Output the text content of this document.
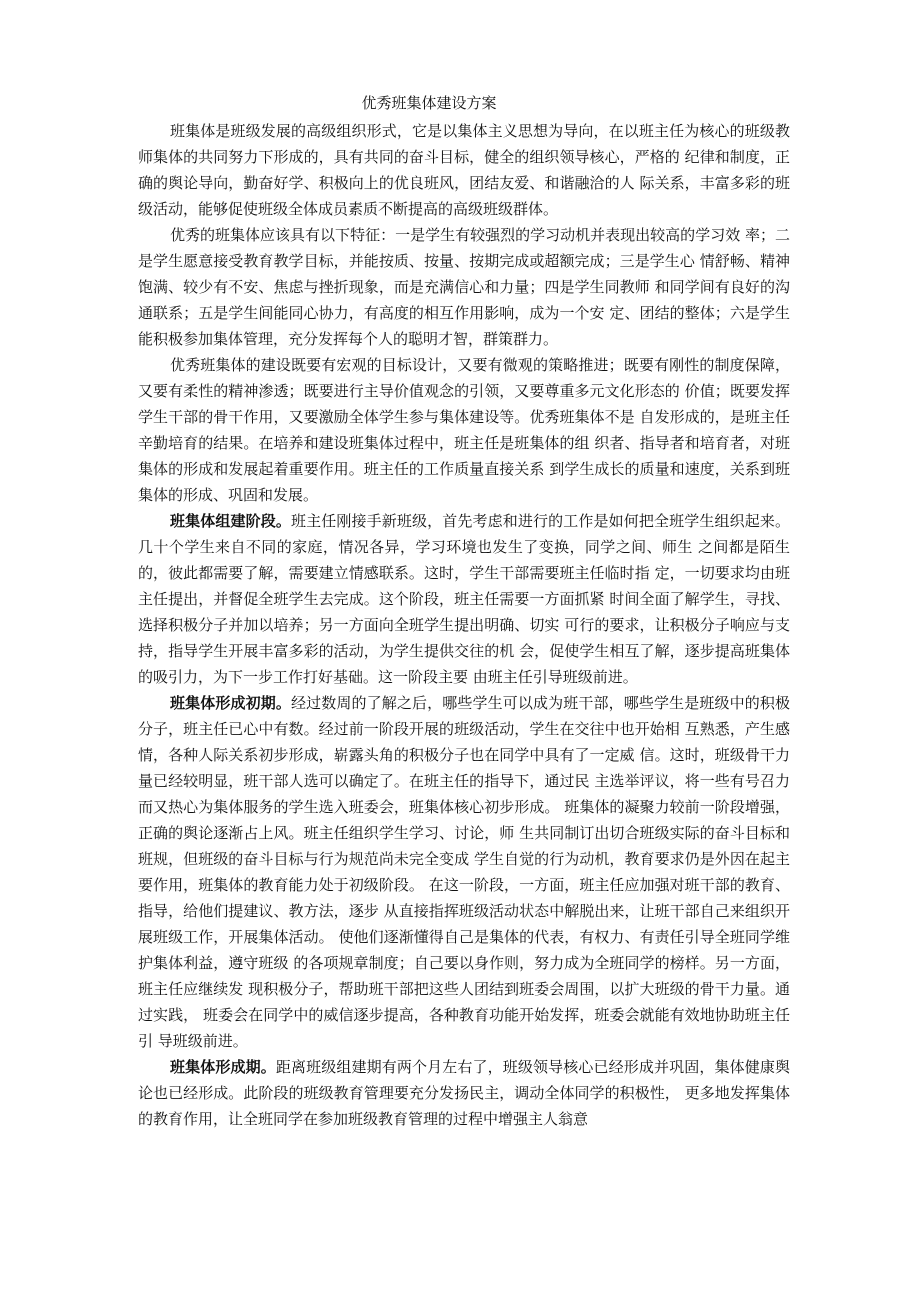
优秀班集体建设方案

班集体是班级发展的高级组织形式，它是以集体主义思想为导向，在以班主任为核心的班级教师集体的共同努力下形成的，具有共同的奋斗目标，健全的组织领导核心，严格的 纪律和制度，正确的舆论导向，勤奋好学、积极向上的优良班风，团结友爱、和谐融洽的人 际关系，丰富多彩的班级活动，能够促使班级全体成员素质不断提高的高级班级群体。

优秀的班集体应该具有以下特征：一是学生有较强烈的学习动机并表现出较高的学习效 率；二是学生愿意接受教育教学目标，并能按质、按量、按期完成或超额完成；三是学生心 情舒畅、精神饱满、较少有不安、焦虑与挫折现象，而是充满信心和力量；四是学生同教师 和同学间有良好的沟通联系；五是学生间能同心协力，有高度的相互作用影响，成为一个安 定、团结的整体；六是学生能积极参加集体管理，充分发挥每个人的聪明才智，群策群力。

优秀班集体的建设既要有宏观的目标设计，又要有微观的策略推进；既要有刚性的制度保障，又要有柔性的精神渗透；既要进行主导价值观念的引领，又要尊重多元文化形态的 价值；既要发挥学生干部的骨干作用，又要激励全体学生参与集体建设等。优秀班集体不是 自发形成的，是班主任辛勤培育的结果。在培养和建设班集体过程中，班主任是班集体的组 织者、指导者和培育者，对班集体的形成和发展起着重要作用。班主任的工作质量直接关系 到学生成长的质量和速度，关系到班集体的形成、巩固和发展。

班集体组建阶段。班主任刚接手新班级，首先考虑和进行的工作是如何把全班学生组织起来。几十个学生来自不同的家庭，情况各异，学习环境也发生了变换，同学之间、师生 之间都是陌生的，彼此都需要了解，需要建立情感联系。这时，学生干部需要班主任临时指 定，一切要求均由班主任提出，并督促全班学生去完成。这个阶段，班主任需要一方面抓紧 时间全面了解学生，寻找、选择积极分子并加以培养；另一方面向全班学生提出明确、切实 可行的要求，让积极分子响应与支持，指导学生开展丰富多彩的活动，为学生提供交往的机 会，促使学生相互了解，逐步提高班集体的吸引力，为下一步工作打好基础。这一阶段主要 由班主任引导班级前进。

班集体形成初期。经过数周的了解之后，哪些学生可以成为班干部，哪些学生是班级中的积极分子，班主任已心中有数。经过前一阶段开展的班级活动，学生在交往中也开始相 互熟悉，产生感情，各种人际关系初步形成，崭露头角的积极分子也在同学中具有了一定威 信。这时，班级骨干力量已经较明显，班干部人选可以确定了。在班主任的指导下，通过民 主选举评议，将一些有号召力而又热心为集体服务的学生选入班委会，班集体核心初步形成。 班集体的凝聚力较前一阶段增强，正确的舆论逐渐占上风。班主任组织学生学习、讨论，师 生共同制订出切合班级实际的奋斗目标和班规，但班级的奋斗目标与行为规范尚未完全变成 学生自觉的行为动机，教育要求仍是外因在起主要作用，班集体的教育能力处于初级阶段。 在这一阶段，一方面，班主任应加强对班干部的教育、指导，给他们提建议、教方法，逐步 从直接指挥班级活动状态中解脱出来，让班干部自己来组织开展班级工作，开展集体活动。 使他们逐渐懂得自己是集体的代表，有权力、有责任引导全班同学维护集体利益，遵守班级 的各项规章制度；自己要以身作则，努力成为全班同学的榜样。另一方面，班主任应继续发 现积极分子，帮助班干部把这些人团结到班委会周围，以扩大班级的骨干力量。通过实践， 班委会在同学中的威信逐步提高，各种教育功能开始发挥，班委会就能有效地协助班主任引 导班级前进。

班集体形成期。距离班级组建期有两个月左右了，班级领导核心已经形成并巩固，集体健康舆论也已经形成。此阶段的班级教育管理要充分发扬民主，调动全体同学的积极性， 更多地发挥集体的教育作用，让全班同学在参加班级教育管理的过程中增强主人翁意
